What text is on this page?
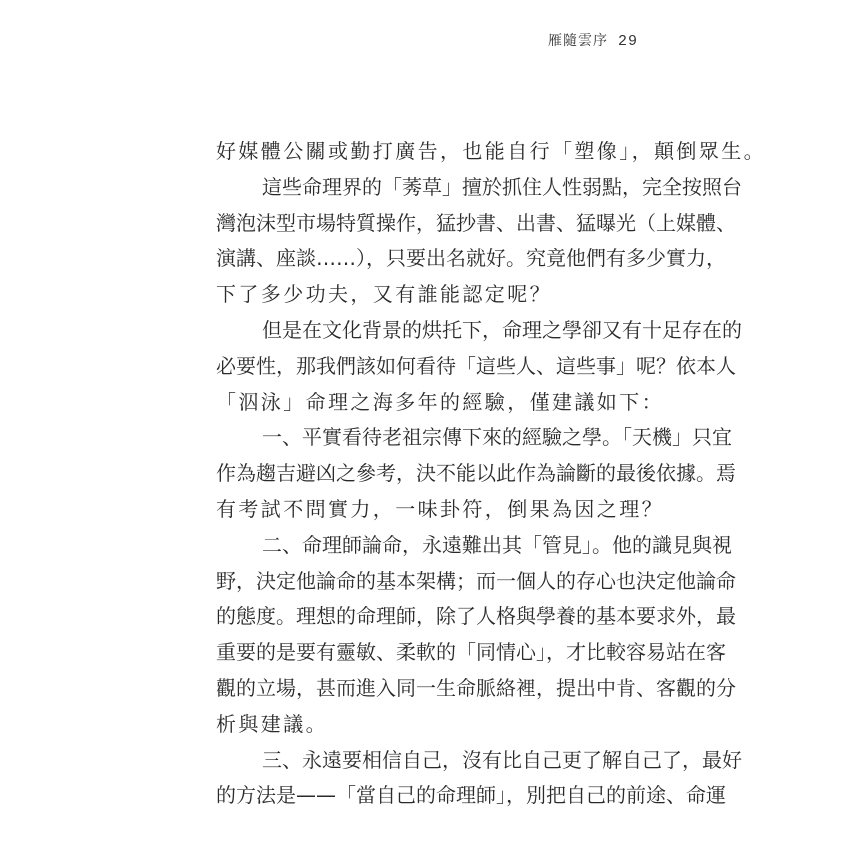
雁隨雲序 29
好媒體公關或勤打廣告，也能自行「塑像」，顛倒眾生。
這些命理界的「莠草」擅於抓住人性弱點，完全按照台
灣泡沫型市場特質操作，猛抄書、出書、猛曝光（上媒體、
演講、座談……），只要出名就好。究竟他們有多少實力，
下了多少功夫，又有誰能認定呢？
但是在文化背景的烘托下，命理之學卻又有十足存在的
必要性，那我們該如何看待「這些人、這些事」呢？依本人
「泅泳」命理之海多年的經驗，僅建議如下：
一、平實看待老祖宗傳下來的經驗之學。「天機」只宜
作為趨吉避凶之參考，決不能以此作為論斷的最後依據。焉
有考試不問實力，一味卦符，倒果為因之理？
二、命理師論命，永遠難出其「管見」。他的識見與視
野，決定他論命的基本架構；而一個人的存心也決定他論命
的態度。理想的命理師，除了人格與學養的基本要求外，最
重要的是要有靈敏、柔軟的「同情心」，才比較容易站在客
觀的立場，甚而進入同一生命脈絡裡，提出中肯、客觀的分
析與建議。
三、永遠要相信自己，沒有比自己更了解自己了，最好
的方法是——「當自己的命理師」，別把自己的前途、命運
